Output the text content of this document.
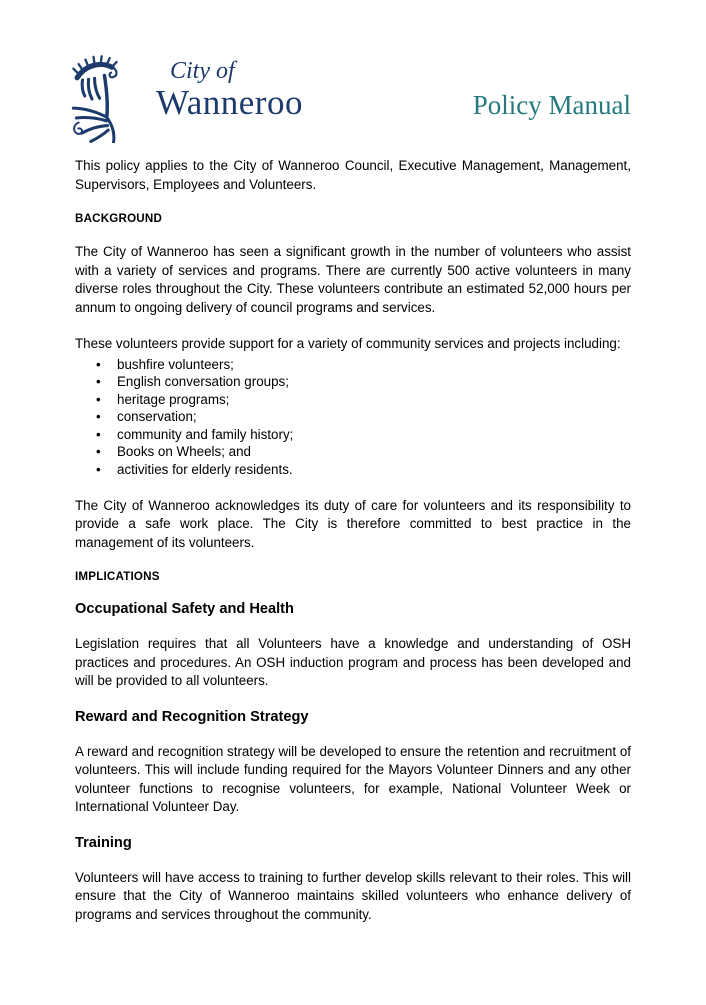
City of
Wanneroo	Policy Manual

This policy applies to the City of Wanneroo Council, Executive Management, Management, Supervisors, Employees and Volunteers.

BACKGROUND

The City of Wanneroo has seen a significant growth in the number of volunteers who assist with a variety of services and programs. There are currently 500 active volunteers in many diverse roles throughout the City. These volunteers contribute an estimated 52,000 hours per annum to ongoing delivery of council programs and services.

These volunteers provide support for a variety of community services and projects including:

• bushfire volunteers;
• English conversation groups;
• heritage programs;
• conservation;
• community and family history;
• Books on Wheels; and
• activities for elderly residents.

The City of Wanneroo acknowledges its duty of care for volunteers and its responsibility to provide a safe work place. The City is therefore committed to best practice in the management of its volunteers.

IMPLICATIONS
Occupational Safety and Health

Legislation requires that all Volunteers have a knowledge and understanding of OSH practices and procedures. An OSH induction program and process has been developed and will be provided to all volunteers.

Reward and Recognition Strategy

A reward and recognition strategy will be developed to ensure the retention and recruitment of volunteers. This will include funding required for the Mayors Volunteer Dinners and any other volunteer functions to recognise volunteers, for example, National Volunteer Week or International Volunteer Day.

Training

Volunteers will have access to training to further develop skills relevant to their roles. This will ensure that the City of Wanneroo maintains skilled volunteers who enhance delivery of programs and services throughout the community.
